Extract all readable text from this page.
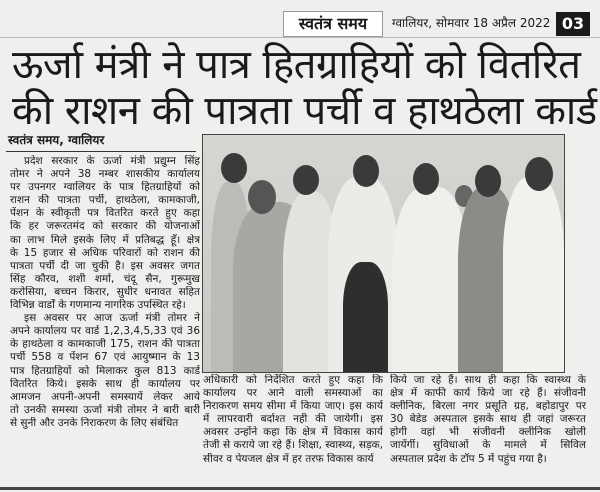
स्वतंत्र समय	ग्वालियर, सोमवार 18 अप्रैल 2022 03
ऊर्जा मंत्री ने पात्र हितग्राहियों को वितरित
की राशन की पात्रता पर्ची व हाथठेला कार्ड
स्वतंत्र समय, ग्वालियर
प्रदेश सरकार के ऊर्जा मंत्री प्रद्युम्न सिंह
तोमर ने अपने 38 नम्बर शासकीय कार्यालय
पर उपनगर ग्वालियर के पात्र हितग्राहियों को
राशन की पात्रता पर्ची, हाथठेला, कामकाजी,
पेंशन के स्वीकृती पत्र वितरित करते हुए कहा
कि हर जरूरतमंद को सरकार की योजनाओं
का लाभ मिले इसके लिए में प्रतिबद्ध हूँ। क्षेत्र
के 15 हजार से अधिक परिवारों को राशन की
पात्रता पर्ची दी जा चुकी है। इस अवसर जगत
सिंह कौरव, शशी शर्मा, चंदू सैन, गुरूमुख
करोसिया, बच्चन किरार, सुधीर धनावत सहित
विभिन्न वार्डों के गणमान्य नागरिक उपस्थित रहे।
इस अवसर पर आज ऊर्जा मंत्री तोमर ने
अपने कार्यालय पर वार्ड 1,2,3,4,5,33 एवं 36
के हाथठेला व कामकाजी 175, राशन की पात्रता
पर्ची 558 व पेंशन 67 एवं आयुष्मान के 13
पात्र हितग्राहियों को मिलाकर कुल 813 कार्ड
वितरित किये। इसके साथ ही कार्यालय पर
आमजन अपनी-अपनी समस्यायें लेकर आये
तो उनकी समस्या ऊर्जा मंत्री तोमर ने बारी बारी
से सुनी और उनके निराकरण के लिए संबंधित
अधिकारी को निर्देशित करते हुए कहा कि
कार्यालय पर आने वाली समस्याओं का
निराकरण समय सीमा में किया जाए। इस कार्य
में लापरवारी बर्दाश्त नही की जायेगी। इस
अवसर उन्होंने कहा कि क्षेत्र में विकास कार्य
तेजी से कराये जा रहे हैं। शिक्षा, स्वास्थ्य, सड़क,
सीवर व पेयजल क्षेत्र में हर तरफ विकास कार्य
किये जा रहे हैं। साथ ही कहा कि स्वास्थ्य के
क्षेत्र में काफी कार्य किये जा रहे हैं। संजीवनी
क्लीनिक, बिरला नगर प्रसूति ग्रह, बहोडापुर पर
30 बेडेड अस्पताल इसके साथ ही जहां जरूरत
होगी वहां भी संजीवनी क्लीनिक खोली
जायेंगीं। सुविधाओं के मामले में सिविल
अस्पताल प्रदेश के टॉप 5 में पहुंच गया है।
